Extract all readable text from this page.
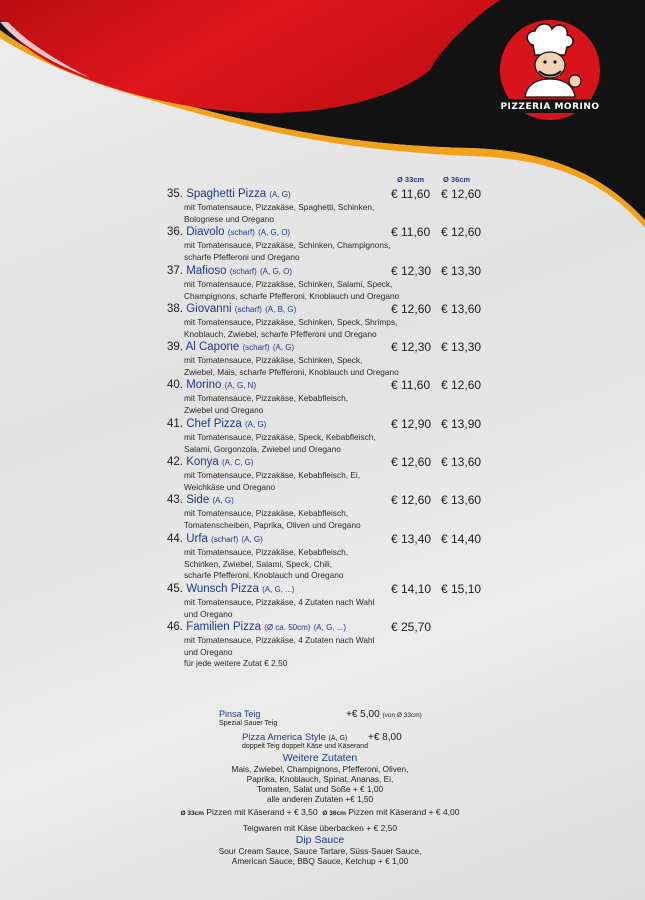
PIZZERIA MORINO
Ø 33cm	Ø 36cm
35. Spaghetti Pizza (A, G)	€ 11,60 € 12,60
mit Tomatensauce, Pizzakäse, Spaghetti, Schinken,
Bolognese und Oregano
36. Diavolo (scharf) (A, G, O)	€ 11,60 € 12,60
mit Tomatensauce, Pizzakäse, Schinken, Champignons,
scharfe Pfefferoni und Oregano
37. Mafioso (scharf) (A, G, O)	€ 12,30 € 13,30
mit Tomatensauce, Pizzakäse, Schinken, Salami, Speck,
Champignons, scharfe Pfefferoni, Knoblauch und Oregano
38. Giovanni (scharf) (A, B, G)	€ 12,60 € 13,60
mit Tomatensauce, Pizzakäse, Schinken, Speck, Shrimps,
Knoblauch, Zwiebel, scharfe Pfefferoni und Oregano
39. Al Capone (scharf) (A, G)	€ 12,30 € 13,30
mit Tomatensauce, Pizzakäse, Schinken, Speck,
Zwiebel, Mais, scharfe Pfefferoni, Knoblauch und Oregano
40. Morino (A, G, N)	€ 11,60 € 12,60
mit Tomatensauce, Pizzakäse, Kebabfleisch,
Zwiebel und Oregano
41. Chef Pizza (A, G)	€ 12,90 € 13,90
mit Tomatensauce, Pizzakäse, Speck, Kebabfleisch,
Salami, Gorgonzola, Zwiebel und Oregano
42. Konya (A, C, G)	€ 12,60 € 13,60
mit Tomatensauce, Pizzakäse, Kebabfleisch, Ei,
Weichkäse und Oregano
43. Side (A, G)	€ 12,60 € 13,60
mit Tomatensauce, Pizzakäse, Kebabfleisch,
Tomatenscheiben, Paprika, Oliven und Oregano
44. Urfa (scharf) (A, G)	€ 13,40 € 14,40
mit Tomatensauce, Pizzakäse, Kebabfleisch,
Schinken, Zwiebel, Salami, Speck, Chili,
scharfe Pfefferoni, Knoblauch und Oregano
45. Wunsch Pizza (A, G, ...)	€ 14,10 € 15,10
mit Tomatensauce, Pizzakäse, 4 Zutaten nach Wahl
und Oregano
46. Familien Pizza (Ø ca. 50cm) (A, G, ...)	€ 25,70
mit Tomatensauce, Pizzakäse, 4 Zutaten nach Wahl
und Oregano
für jede weitere Zutat € 2,50
Pinsa Teig
Spezial Sauer Teig
+€ 5,00 (von Ø 33cm)
Pizza America Style (A, G) +€ 8,00
doppelt Teig doppelt Käse und Käserand
Weitere Zutaten
Mais, Zwiebel, Champignons, Pfefferoni, Oliven,
Paprika, Knoblauch, Spinat, Ananas, Ei,
Tomaten, Salat und Soße + € 1,00
alle anderen Zutaten +€ 1,50
Ø 33cm Pizzen mit Käserand + € 3,50 Ø 36cm Pizzen mit Käserand + € 4,00
Teigwaren mit Käse überbacken + € 2,50
Dip Sauce
Sour Cream Sauce, Sauce Tartare, Süss-Sauer Sauce,
American Sauce, BBQ Sauce, Ketchup + € 1,00
